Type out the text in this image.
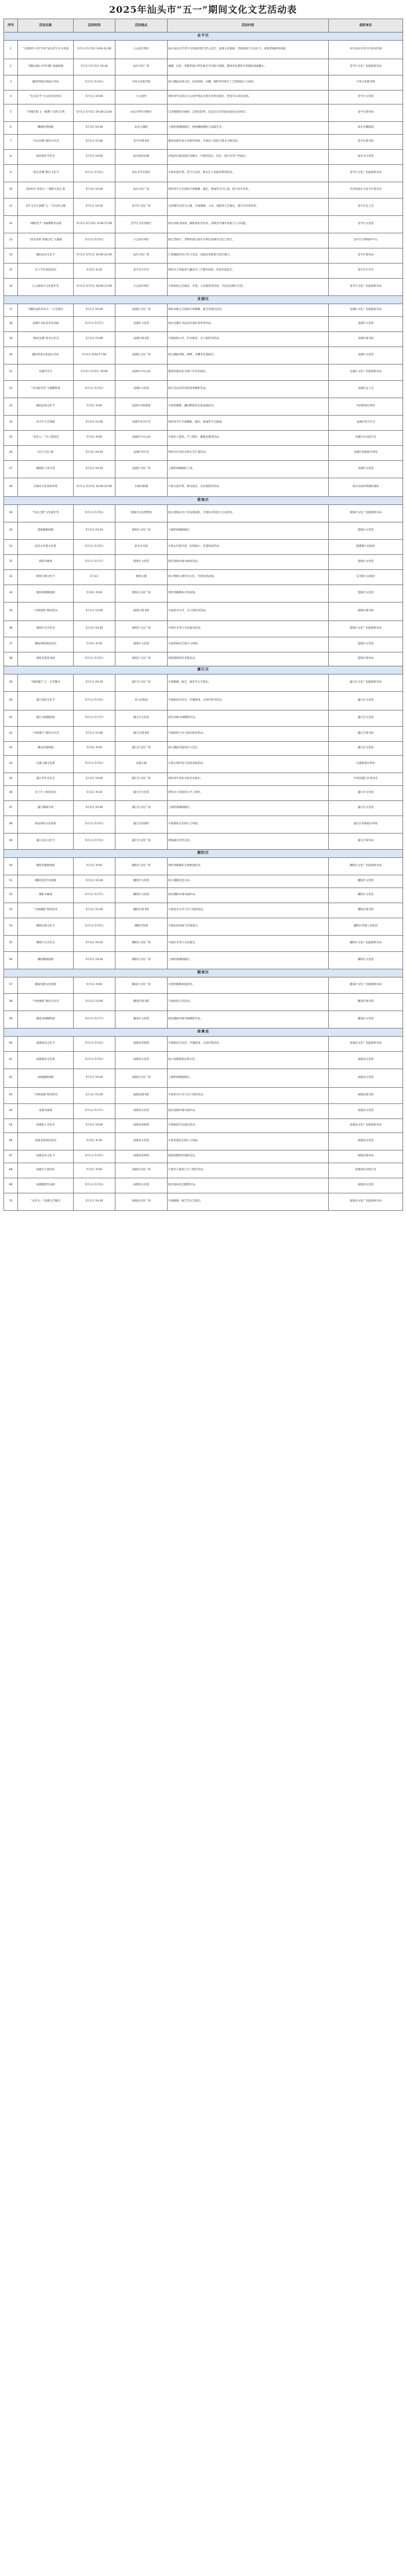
2025年汕头市“五一”期间文化文艺活动表
序号	活动名称	活动时间	活动地点	活动内容	组织单位
金平区					
1	“古韵新声·百年华章”汕头老字号文化展	5月1日-5月5日 9:00-22:00	小公园开埠区	展示汕头百年老字号发展历程与匠心技艺，设置文化展板、非遗体验与互动打卡，重现老城商埠风貌。	中共汕头市金平区委宣传部
2	“潮汕戏曲·百年回响”戏曲展演	5月1日-5月3日 19:30	汕头市民广场	潮剧、汉乐、英歌等地方特色曲艺节目联合展演，邀请市民游客共赏潮汕戏曲魅力。	金平区文化广电旅游体育局
3	潮汕传统民俗展示活动	5月2日-5月4日	开埠文化陈列馆	展示潮汕民俗文化，包括剪纸、木雕、抽纱等传统手工艺现场演示与体验。	开埠文化陈列馆
4	“礼乐金平”小公园音乐快闪	5月1日 19:00	小公园亭	组织青年乐团在小公园亭周边开展音乐快闪演出，营造节日欢乐氛围。	金平区文化馆
5	“老城光影·五一假期”大型灯光秀	5月1日-5月5日 19:30-22:00	汕头开埠区老街区	以老城建筑为载体，呈现光影秀、沉浸式灯光装置及夜间文化集市。	金平区商务局
6	潮剧经典展演	5月3日 19:30	汕头大剧院	上演经典潮剧剧目，展现潮剧唱腔与表演艺术。	汕头市潮剧团
7	“书山有路”阅读分享会	5月2日 15:00	金平区图书馆	邀请本地作家分享创作经验，开展亲子阅读与图书交换活动。	金平区图书馆
8	海滨漫步音乐会	5月4日 19:00	汕头海滨长廊	沿海滨长廊设置音乐舞台，开展管弦乐、民乐、流行乐等户外演出。	汕头市文化馆
9	“汕头老城”街区文化节	5月1日-5月5日	汕头老市区街区	开展非遗市集、老字号美食、街头艺人巡演等系列活动。	金平区文化广电旅游体育局
10	2025年“青春五一”潮韵文化汇演	5月3日 19:30	汕头市民广场	组织青年文艺团体开展歌舞、器乐、朗诵等节目汇演，展示青年风采。	共青团汕头市金平区委员会
11	金平文艺汇演暨“五一”劳动者之歌	5月1日 19:30	金平区文化广场	以致敬劳动者为主题，开展歌舞、小品、戏曲等文艺演出，展示劳动者风采。	金平区总工会
12	“潮韵金平”书画摄影作品展	5月1日-5月10日 9:00-17:00	金平区文化馆展厅	展出本地书画家、摄影爱好者作品，反映金平城市发展与人文风貌。	金平区文化馆
13	“汕头故事·老城记忆”主题展	5月1日-5月5日	小公园开埠区	通过老照片、老物件展示汕头开埠以来城市记忆与变迁。	金平区文物保护中心
14	潮汕美食文化节	5月1日-5月5日 10:00-22:00	汕头市民广场	汇集潮汕特色小吃与美食，设置美食展销与厨艺展示。	金平区商务局
15	亲子手作体验活动	5月2日 9:30	金平区少年宫	组织亲子家庭参与潮汕手工艺制作体验，传承非遗技艺。	金平区少年宫
16	小公园夜市文化嘉年华	5月1日-5月5日 18:00-23:00	小公园开埠区	开展夜间文艺演出、市集、互动游戏等活动，丰富市民假日生活。	金平区文化广电旅游体育局
龙湖区					
17	“潮韵龙湖·欢乐五一”文艺演出	5月1日 19:30	龙湖区文化广场	组织本地文艺团体开展歌舞、曲艺等演出活动。	龙湖区文化广电旅游体育局
18	龙湖区书法美术作品展	5月1日-5月7日	龙湖区文化馆	展出龙湖区书法美术爱好者优秀作品。	龙湖区文化馆
19	“阅读龙湖”读书分享会	5月2日 15:00	龙湖区图书馆	开展阅读分享、好书推荐、亲子阅读等活动。	龙湖区图书馆
20	潮汕非遗文化展示活动	5月3日 9:00-17:00	龙湖区文化广场	展示潮汕剪纸、刺绣、木雕等非遗项目。	龙湖区文化馆
21	龙湖音乐节	5月3日-5月4日 19:00	龙湖区中央公园	邀请本地乐队开展户外音乐演出。	龙湖区文化广电旅游体育局
22	“劳动最光荣”主题摄影展	5月1日-5月5日	龙湖区文化馆	展示劳动者风采的优秀摄影作品。	龙湖区总工会
23	潮汕民俗文化节	5月2日 9:00	龙湖区外砂街道	开展英歌舞、潮汕锣鼓等民俗表演活动。	外砂街道办事处
24	青少年才艺展演	5月4日 15:00	龙湖区青少年宫	组织青少年开展舞蹈、器乐、朗诵等才艺展演。	龙湖区青少年宫
25	“欢乐五一”亲子游园会	5月1日 9:00	龙湖区中央公园	开展亲子游戏、手工制作、趣味竞赛等活动。	龙湖区妇女联合会
26	社区文艺汇演	5月3日 19:30	龙湖区各社区	组织社区居民开展文艺汇演活动。	龙湖区各街道办事处
27	潮剧折子戏专场	5月5日 19:30	龙湖区文化广场	上演经典潮剧折子戏。	龙湖区文化馆
28	东海岸文化休闲市集	5月1日-5月5日 16:00-22:00	东海岸新城	开展文创市集、街头演艺、美食展销等活动。	汕头东海岸新城管理局
澄海区					
29	“玩具之都”文化嘉年华	5月1日-5月5日	澄海区玩具博物馆	展示澄海玩具产业发展成果，开展玩具体验与互动活动。	澄海区文化广电旅游体育局
30	澄海潮剧展演	5月2日 19:30	澄海区文化广场	上演经典潮剧剧目。	澄海区文化馆
31	前美古村落文化游	5月1日-5月5日	前美古村落	开展古村落导览、民俗展示、非遗体验活动。	隆都镇人民政府
32	澄海书画展	5月1日-5月7日	澄海区文化馆	展出澄海本地书画家作品。	澄海区文化馆
33	樟林古港文化节	5月3日	樟林古港	展示樟林古港历史文化，开展民俗表演。	东里镇人民政府
34	澄海英歌舞展演	5月4日 9:00	澄海区文化广场	组织英歌舞队开展表演。	澄海区文化馆
35	“书香澄海”阅读活动	5月2日 15:00	澄海区图书馆	开展读书分享、亲子阅读等活动。	澄海区图书馆
36	澄海灯光音乐会	5月3日 19:30	澄海区人民广场	开展灯光秀与音乐演出活动。	澄海区文化广电旅游体育局
37	潮汕剪纸体验活动	5月5日 9:30	澄海区文化馆	开展剪纸技艺展示与体验。	澄海区文化馆
38	澄海非遗美食展	5月1日-5月5日	澄海区人民广场	展销澄海特色非遗美食。	澄海区商务局
濠江区					
39	“海韵濠江”五一文艺晚会	5月1日 19:30	濠江区文化广场	开展歌舞、曲艺、器乐等文艺演出。	濠江区文化广电旅游体育局
40	濠江海滨文化节	5月1日-5月5日	青云岩海滨	开展海滨音乐会、沙滩游戏、文创市集等活动。	濠江区文化馆
41	濠江书画摄影展	5月1日-5月7日	濠江区文化馆	展出本地书画摄影作品。	濠江区文化馆
42	“书香濠江”阅读分享会	5月2日 15:00	濠江区图书馆	开展阅读分享与图书推荐活动。	濠江区图书馆
43	潮汕非遗展演	5月3日 9:00	濠江区文化广场	展示潮汕非遗项目与技艺。	濠江区文化馆
44	达濠古城文化游	5月1日-5月5日	达濠古城	开展古城导览与民俗表演活动。	达濠街道办事处
45	濠江青年音乐会	5月4日 19:00	濠江区文化广场	组织青年乐队开展音乐演出。	共青团濠江区委员会
46	亲子手工体验活动	5月2日 9:30	濠江区文化馆	组织亲子家庭参与手工制作。	濠江区文化馆
47	濠江潮剧专场	5月5日 19:30	濠江区文化广场	上演经典潮剧剧目。	濠江区文化馆
48	海岛渔村文化体验	5月1日-5月5日	濠江区各渔村	开展渔家文化展示与体验。	濠江区各街道办事处
49	濠江美食文化节	5月1日-5月5日	濠江区文化广场	展销濠江特色美食。	濠江区商务局
潮阳区					
50	潮阳英歌舞展演	5月1日 9:00	潮阳区文化广场	组织英歌舞队开展展演活动。	潮阳区文化广电旅游体育局
51	潮阳笛套音乐展演	5月2日 19:30	潮阳区文化馆	展示潮阳笛套古乐。	潮阳区文化馆
52	潮阳书画展	5月1日-5月7日	潮阳区文化馆	展出潮阳本地书画作品。	潮阳区文化馆
53	“书香潮阳”阅读活动	5月3日 15:00	潮阳区图书馆	开展读书分享与亲子阅读活动。	潮阳区图书馆
54	潮阳民俗文化节	5月1日-5月5日	潮阳区各镇	开展民俗表演与非遗展示。	潮阳区各镇人民政府
55	潮阳灯光音乐会	5月4日 19:30	潮阳区文化广场	开展灯光秀与音乐演出。	潮阳区文化广电旅游体育局
56	潮阳潮剧展演	5月5日 19:30	潮阳区文化广场	上演经典潮剧剧目。	潮阳区文化馆
潮南区					
57	潮南英歌文化展演	5月1日 9:00	潮南区文化广场	开展英歌舞表演活动。	潮南区文化广电旅游体育局
58	“书香潮南”阅读分享会	5月2日 15:00	潮南区图书馆	开展阅读分享活动。	潮南区图书馆
59	潮南书画摄影展	5月1日-5月7日	潮南区文化馆	展出潮南本地书画摄影作品。	潮南区文化馆
南澳县					
60	南澳海岛文化节	5月1日-5月5日	南澳县青澳湾	开展海岛音乐会、沙滩游戏、文创市集活动。	南澳县文化广电旅游体育局
61	南澳渔家文化展	5月1日-5月5日	南澳县文化馆	展示南澳渔家民俗文化。	南澳县文化馆
62	南澳潮剧展演	5月2日 19:30	南澳县文化广场	上演经典潮剧剧目。	南澳县文化馆
63	“书香南澳”阅读活动	5月3日 15:00	南澳县图书馆	开展读书分享与亲子阅读活动。	南澳县图书馆
64	南澳书画展	5月1日-5月7日	南澳县文化馆	展出南澳本地书画作品。	南澳县文化馆
65	南澳海上音乐会	5月4日 19:00	南澳县青澳湾	开展海滨音乐演出活动。	南澳县文化广电旅游体育局
66	南澳非遗体验活动	5月5日 9:30	南澳县文化馆	开展非遗技艺展示与体验。	南澳县文化馆
67	南澳美食文化节	5月1日-5月5日	南澳县青澳湾	展销南澳特色海鲜美食。	南澳县商务局
68	南澳亲子游园会	5月2日 9:00	南澳县文化广场	开展亲子游戏与手工制作活动。	南澳县妇女联合会
69	南澳摄影作品展	5月1日-5月5日	南澳县文化馆	展出海岛风光摄影作品。	南澳县文化馆
70	“欢乐五一”南澳文艺晚会	5月1日 19:30	南澳县文化广场	开展歌舞、曲艺等文艺演出。	南澳县文化广电旅游体育局
